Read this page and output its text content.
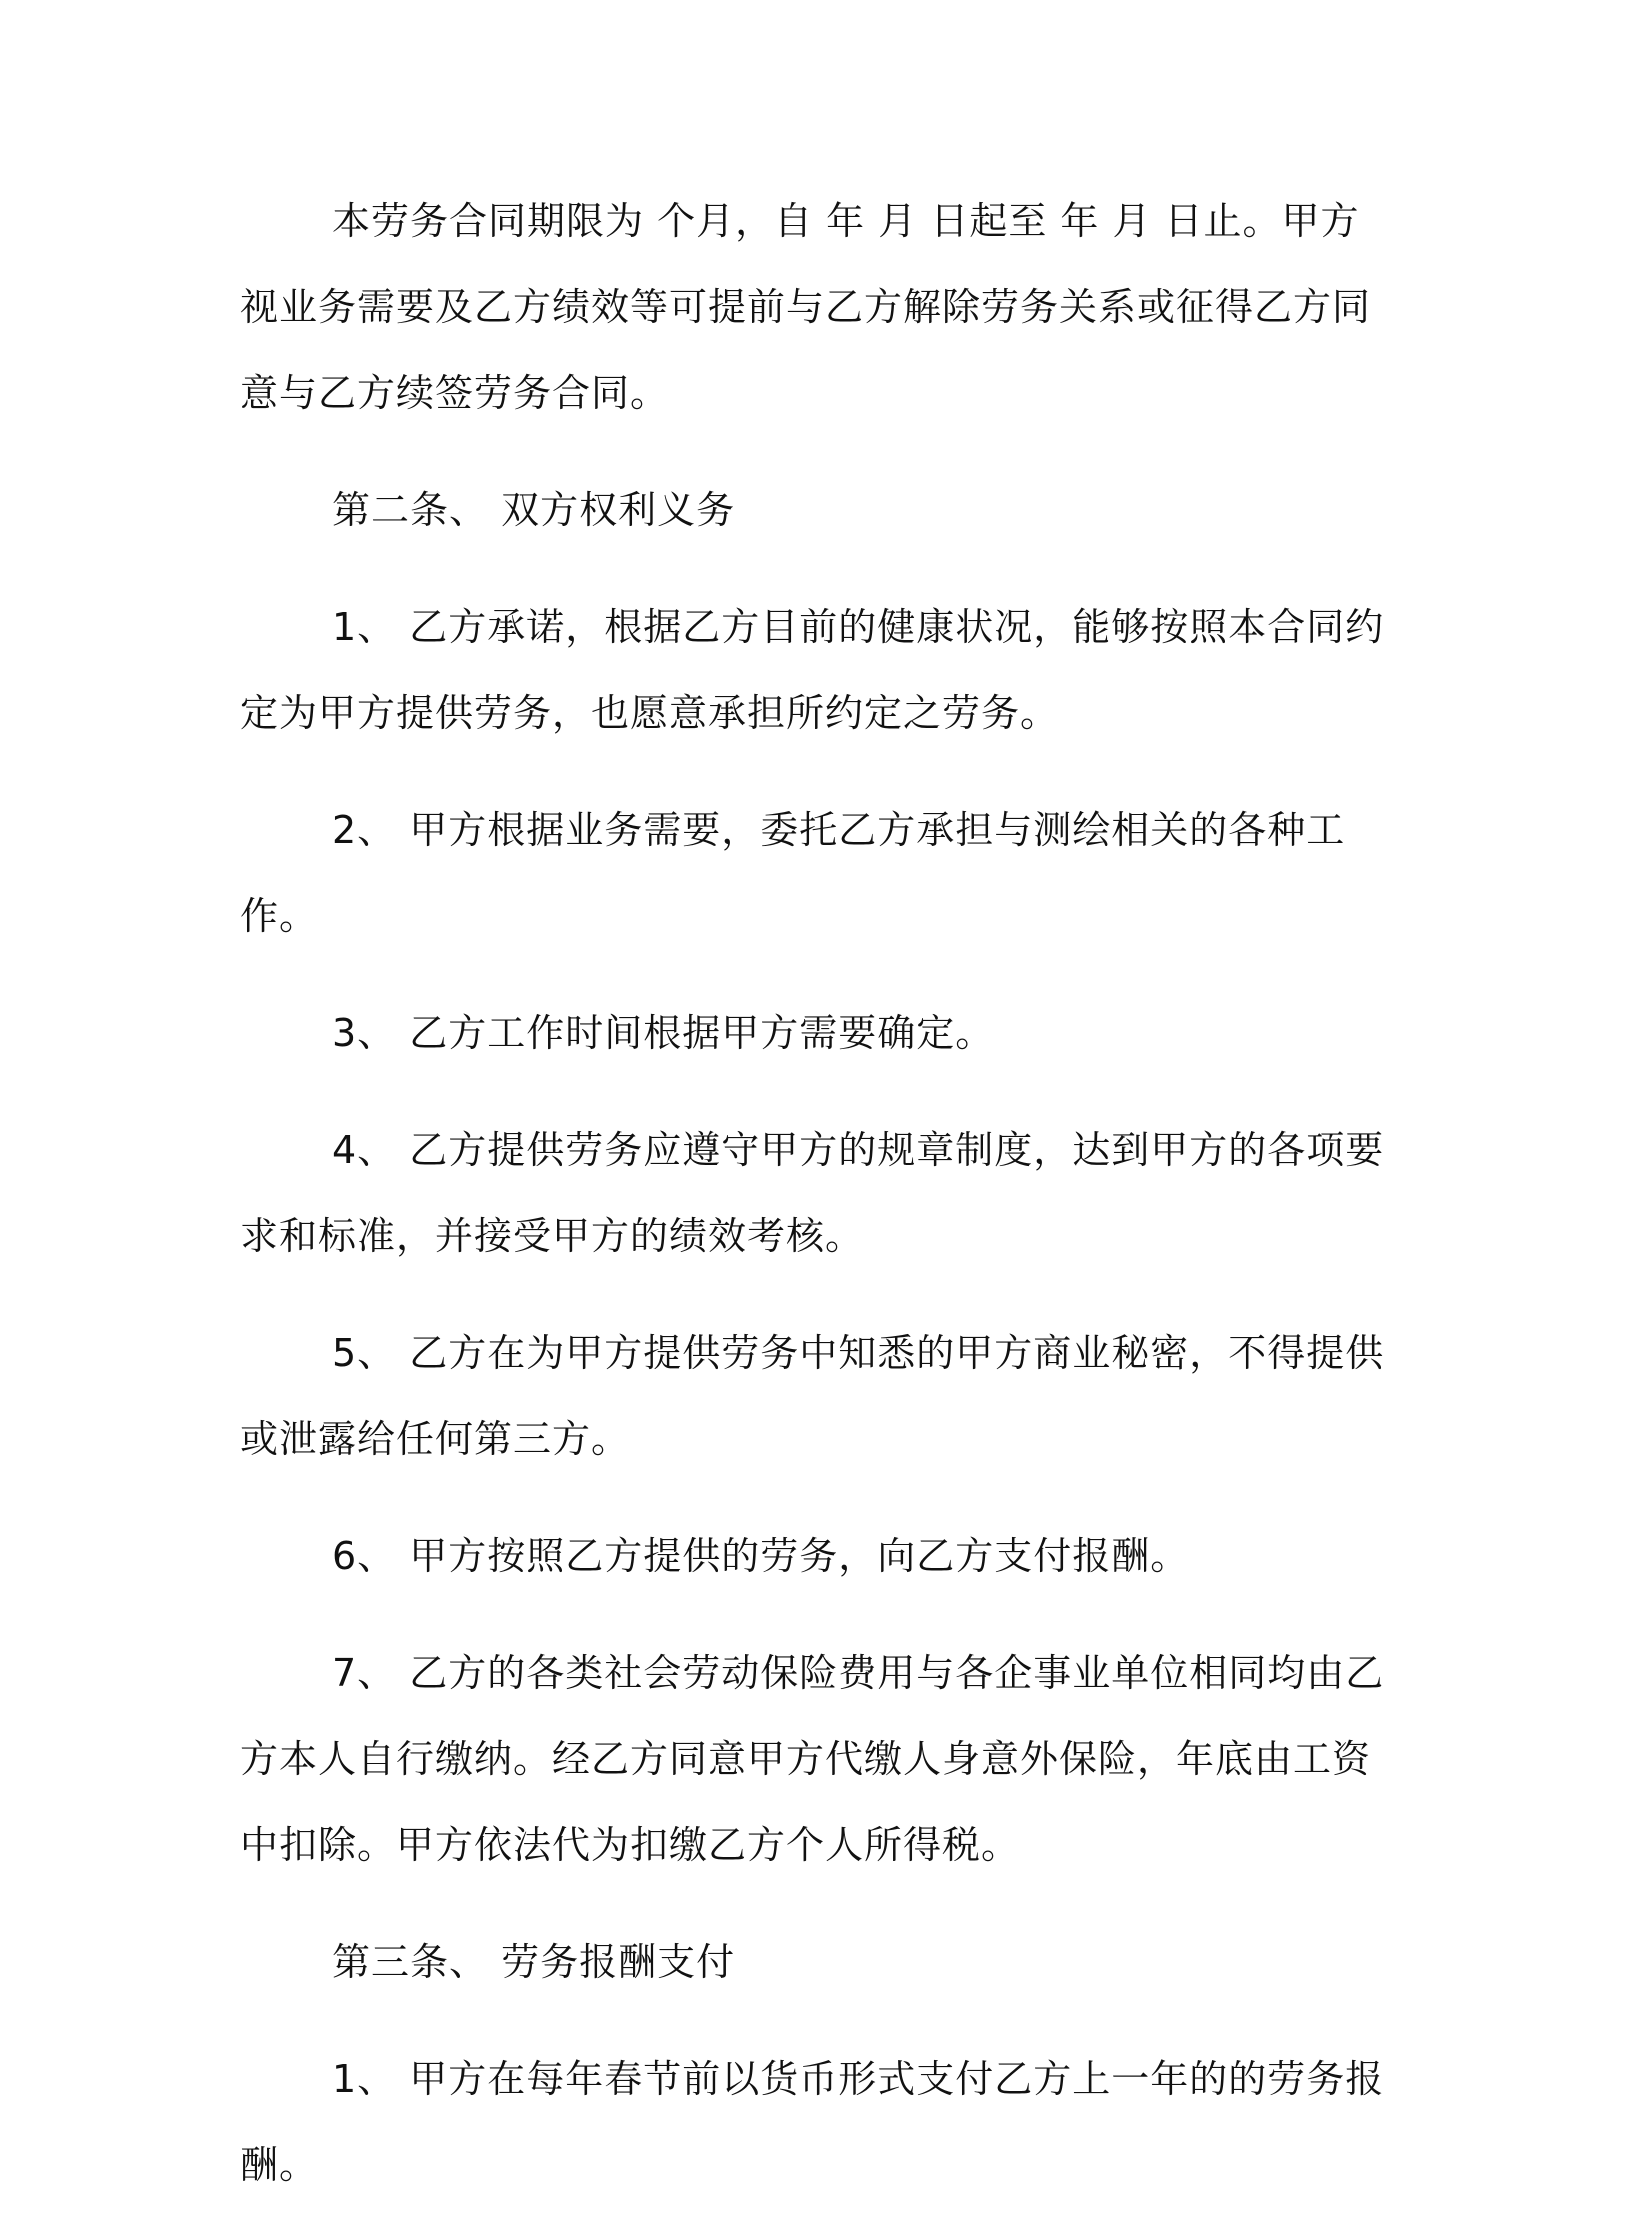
本劳务合同期限为 个月，自 年 月 日起至 年 月 日止。甲方视业务需要及乙方绩效等可提前与乙方解除劳务关系或征得乙方同意与乙方续签劳务合同。

第二条、 双方权利义务

1、 乙方承诺，根据乙方目前的健康状况，能够按照本合同约定为甲方提供劳务，也愿意承担所约定之劳务。

2、 甲方根据业务需要，委托乙方承担与测绘相关的各种工作。

3、 乙方工作时间根据甲方需要确定。

4、 乙方提供劳务应遵守甲方的规章制度，达到甲方的各项要求和标准，并接受甲方的绩效考核。

5、 乙方在为甲方提供劳务中知悉的甲方商业秘密，不得提供或泄露给任何第三方。

6、 甲方按照乙方提供的劳务，向乙方支付报酬。

7、 乙方的各类社会劳动保险费用与各企事业单位相同均由乙方本人自行缴纳。经乙方同意甲方代缴人身意外保险，年底由工资中扣除。甲方依法代为扣缴乙方个人所得税。

第三条、 劳务报酬支付

1、 甲方在每年春节前以货币形式支付乙方上一年的的劳务报酬。
